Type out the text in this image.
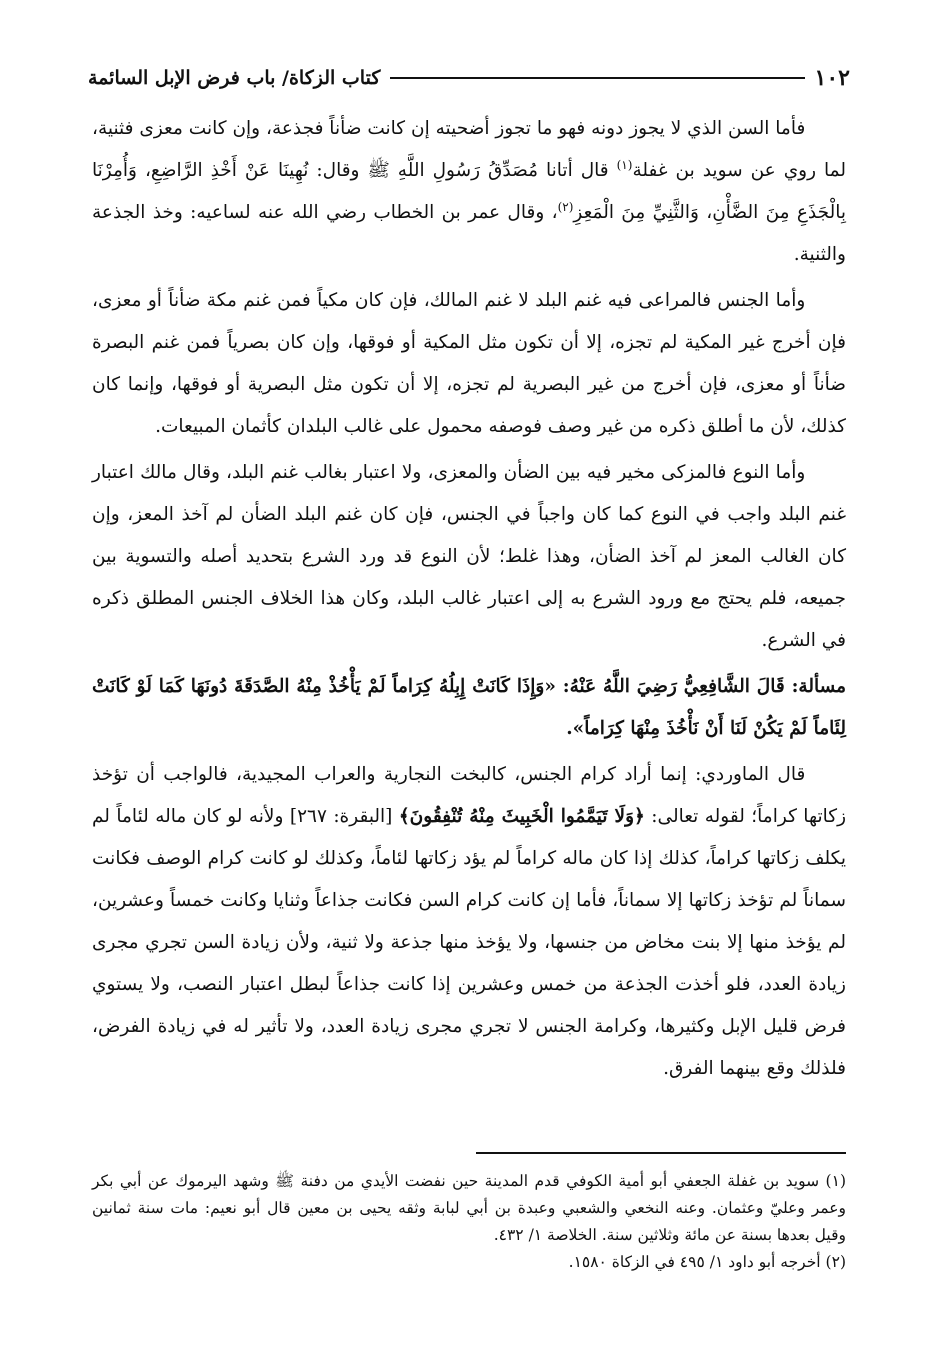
١٠٢
كتاب الزكاة/ باب فرض الإبل السائمة

فأما السن الذي لا يجوز دونه فهو ما تجوز أضحيته إن كانت ضأناً فجذعة، وإن كانت معزى فثنية، لما روي عن سويد بن غفلة$^{(١)}$ قال أتانا مُصَدِّقُ رَسُولِ اللَّهِ ﷺ وقال: نُهِينَا عَنْ أَخْذِ الرَّاضِعِ، وَأُمِرْنَا بِالْجَذَعِ مِنَ الضَّأْنِ، وَالثَّنِيِّ مِنَ الْمَعِزِ$^{(٢)}$، وقال عمر بن الخطاب رضي الله عنه لساعيه: وخذ الجذعة والثنية.

وأما الجنس فالمراعى فيه غنم البلد لا غنم المالك، فإن كان مكياً فمن غنم مكة ضأناً أو معزى، فإن أخرج غير المكية لم تجزه، إلا أن تكون مثل المكية أو فوقها، وإن كان بصرياً فمن غنم البصرة ضأناً أو معزى، فإن أخرج من غير البصرية لم تجزه، إلا أن تكون مثل البصرية أو فوقها، وإنما كان كذلك، لأن ما أطلق ذكره من غير وصف فوصفه محمول على غالب البلدان كأثمان المبيعات.

وأما النوع فالمزكى مخير فيه بين الضأن والمعزى، ولا اعتبار بغالب غنم البلد، وقال مالك اعتبار غنم البلد واجب في النوع كما كان واجباً في الجنس، فإن كان غنم البلد الضأن لم آخذ المعز، وإن كان الغالب المعز لم آخذ الضأن، وهذا غلط؛ لأن النوع قد ورد الشرع بتحديد أصله والتسوية بين جميعه، فلم يحتج مع ورود الشرع به إلى اعتبار غالب البلد، وكان هذا الخلاف الجنس المطلق ذكره في الشرع.

مسألة: قَالَ الشَّافِعِيُّ رَضِيَ اللَّهُ عَنْهُ: «وَإِذَا كَانَتْ إِبِلُهُ كِرَاماً لَمْ يَأْخُذْ مِنْهُ الصَّدَقَةَ دُونَهَا كَمَا لَوْ كَانَتْ لِئَاماً لَمْ يَكُنْ لَنَا أَنْ نَأْخُذَ مِنْهَا كِرَاماً».

قال الماوردي: إنما أراد كرام الجنس، كالبخت النجارية والعراب المجيدية، فالواجب أن تؤخذ زكاتها كراماً؛ لقوله تعالى: ﴿وَلَا تَيَمَّمُوا الْخَبِيثَ مِنْهُ تُنْفِقُونَ﴾ [البقرة: ٢٦٧] ولأنه لو كان ماله لئاماً لم يكلف زكاتها كراماً، كذلك إذا كان ماله كراماً لم يؤد زكاتها لئاماً، وكذلك لو كانت كرام الوصف فكانت سماناً لم تؤخذ زكاتها إلا سماناً، فأما إن كانت كرام السن فكانت جذاعاً وثنايا وكانت خمساً وعشرين، لم يؤخذ منها إلا بنت مخاض من جنسها، ولا يؤخذ منها جذعة ولا ثنية، ولأن زيادة السن تجري مجرى زيادة العدد، فلو أخذت الجذعة من خمس وعشرين إذا كانت جذاعاً لبطل اعتبار النصب، ولا يستوي فرض قليل الإبل وكثيرها، وكرامة الجنس لا تجري مجرى زيادة العدد، ولا تأثير له في زيادة الفرض، فلذلك وقع بينهما الفرق.

(١) سويد بن غفلة الجعفي أبو أمية الكوفي قدم المدينة حين نفضت الأيدي من دفنة ﷺ وشهد اليرموك عن أبي بكر وعمر وعليّ وعثمان. وعنه النخعي والشعبي وعبدة بن أبي لبابة وثقه يحيى بن معين قال أبو نعيم: مات سنة ثمانين وقيل بعدها بسنة عن مائة وثلاثين سنة. الخلاصة ١/ ٤٣٢.

(٢) أخرجه أبو داود ١/ ٤٩٥ في الزكاة ١٥٨٠.
